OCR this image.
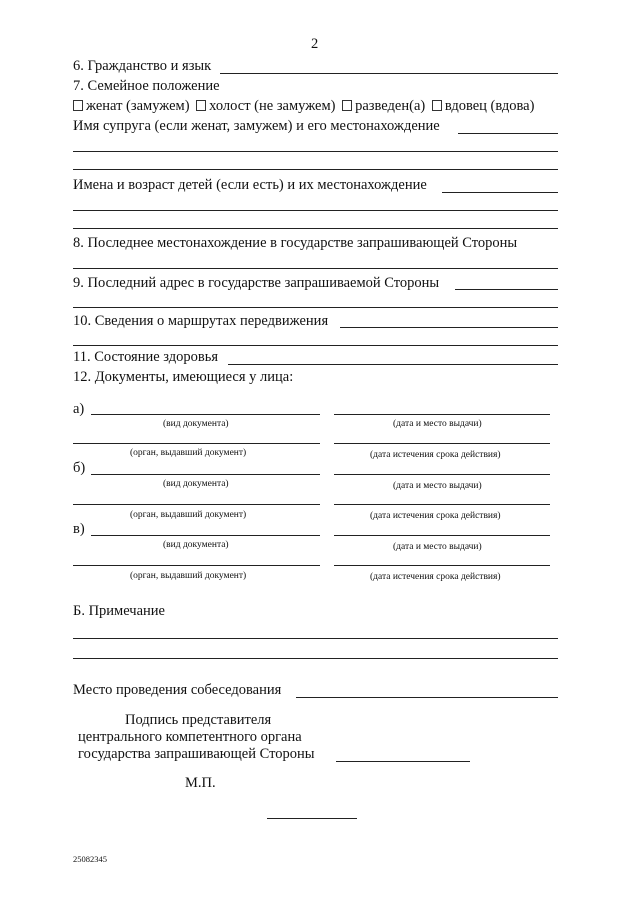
2
6. Гражданство и язык
7. Семейное положение
женат (замужем) холост (не замужем) разведен(а) вдовец (вдова)
Имя супруга (если женат, замужем) и его местонахождение
Имена и возраст детей (если есть) и их местонахождение
8. Последнее местонахождение в государстве запрашивающей Стороны
9. Последний адрес в государстве запрашиваемой Стороны
10. Сведения о маршрутах передвижения
11. Состояние здоровья
12. Документы, имеющиеся у лица:
а)
(вид документа)	(дата и место выдачи)
(орган, выдавший документ)	(дата истечения срока действия)
б)
(вид документа)	(дата и место выдачи)
(орган, выдавший документ)	(дата истечения срока действия)
в)
(вид документа)	(дата и место выдачи)
(орган, выдавший документ)	(дата истечения срока действия)
Б. Примечание
Место проведения собеседования
Подпись представителя
центрального компетентного органа
государства запрашивающей Стороны
М.П.
25082345
